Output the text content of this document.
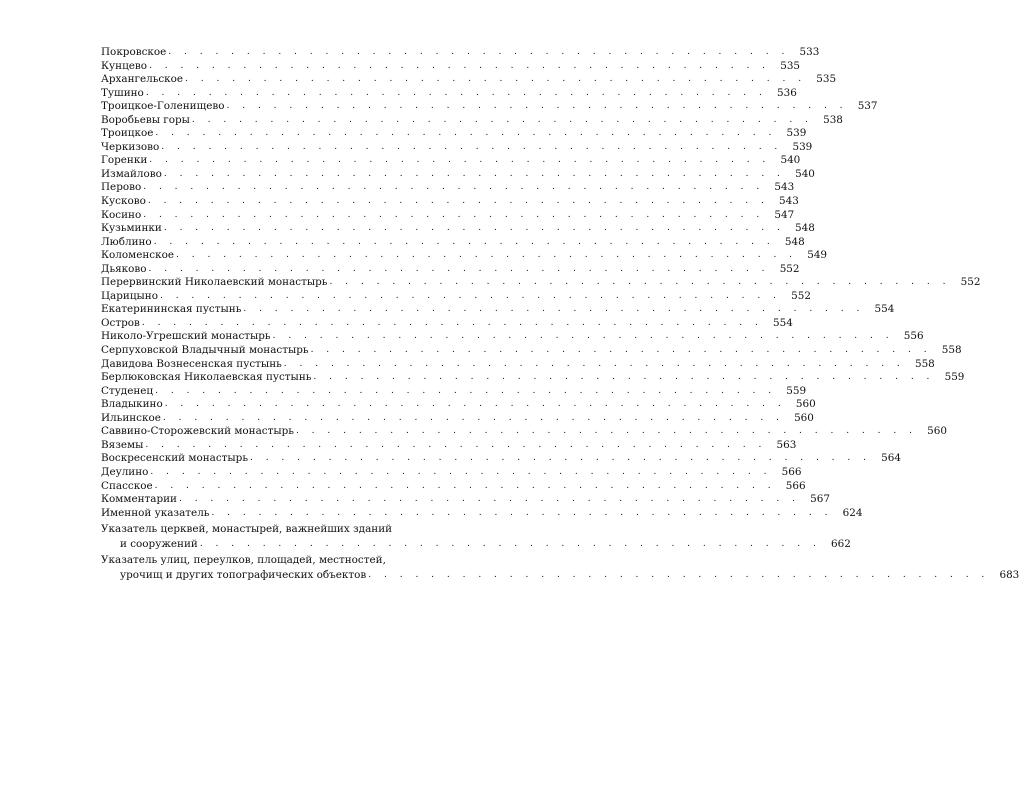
Покровское . . . . . . . . . . . . . . . . . . . . . . . . . . . . . . . . . . . . . . . . 533
Кунцево . . . . . . . . . . . . . . . . . . . . . . . . . . . . . . . . . . . . . . . . 535
Архангельское . . . . . . . . . . . . . . . . . . . . . . . . . . . . . . . . . . . . . . . . 535
Тушино . . . . . . . . . . . . . . . . . . . . . . . . . . . . . . . . . . . . . . . . 536
Троицкое-Голенищево . . . . . . . . . . . . . . . . . . . . . . . . . . . . . . . . . . . . . . . . 537
Воробьевы горы . . . . . . . . . . . . . . . . . . . . . . . . . . . . . . . . . . . . . . . . 538
Троицкое . . . . . . . . . . . . . . . . . . . . . . . . . . . . . . . . . . . . . . . . 539
Черкизово . . . . . . . . . . . . . . . . . . . . . . . . . . . . . . . . . . . . . . . . 539
Горенки . . . . . . . . . . . . . . . . . . . . . . . . . . . . . . . . . . . . . . . . 540
Измайлово . . . . . . . . . . . . . . . . . . . . . . . . . . . . . . . . . . . . . . . . 540
Перово . . . . . . . . . . . . . . . . . . . . . . . . . . . . . . . . . . . . . . . . 543
Кусково . . . . . . . . . . . . . . . . . . . . . . . . . . . . . . . . . . . . . . . . 543
Косино . . . . . . . . . . . . . . . . . . . . . . . . . . . . . . . . . . . . . . . . 547
Кузьминки . . . . . . . . . . . . . . . . . . . . . . . . . . . . . . . . . . . . . . . . 548
Люблино . . . . . . . . . . . . . . . . . . . . . . . . . . . . . . . . . . . . . . . . 548
Коломенское . . . . . . . . . . . . . . . . . . . . . . . . . . . . . . . . . . . . . . . . 549
Дьяково . . . . . . . . . . . . . . . . . . . . . . . . . . . . . . . . . . . . . . . . 552
Перервинский Николаевский монастырь . . . . . . . . . . . . . . . . . . . . . . . . . . . . . . . . . . . . . . . . 552
Царицыно . . . . . . . . . . . . . . . . . . . . . . . . . . . . . . . . . . . . . . . . 552
Екатерининская пустынь . . . . . . . . . . . . . . . . . . . . . . . . . . . . . . . . . . . . . . . . 554
Остров . . . . . . . . . . . . . . . . . . . . . . . . . . . . . . . . . . . . . . . . 554
Николо-Угрешский монастырь . . . . . . . . . . . . . . . . . . . . . . . . . . . . . . . . . . . . . . . . 556
Серпуховской Владычный монастырь . . . . . . . . . . . . . . . . . . . . . . . . . . . . . . . . . . . . . . . . 558
Давидова Вознесенская пустынь . . . . . . . . . . . . . . . . . . . . . . . . . . . . . . . . . . . . . . . . 558
Берлюковская Николаевская пустынь . . . . . . . . . . . . . . . . . . . . . . . . . . . . . . . . . . . . . . . . 559
Студенец . . . . . . . . . . . . . . . . . . . . . . . . . . . . . . . . . . . . . . . . 559
Владыкино . . . . . . . . . . . . . . . . . . . . . . . . . . . . . . . . . . . . . . . . 560
Ильинское . . . . . . . . . . . . . . . . . . . . . . . . . . . . . . . . . . . . . . . . 560
Саввино-Сторожевский монастырь . . . . . . . . . . . . . . . . . . . . . . . . . . . . . . . . . . . . . . . . 560
Вяземы . . . . . . . . . . . . . . . . . . . . . . . . . . . . . . . . . . . . . . . . 563
Воскресенский монастырь . . . . . . . . . . . . . . . . . . . . . . . . . . . . . . . . . . . . . . . . 564
Деулино . . . . . . . . . . . . . . . . . . . . . . . . . . . . . . . . . . . . . . . . 566
Спасское . . . . . . . . . . . . . . . . . . . . . . . . . . . . . . . . . . . . . . . . 566
Комментарии . . . . . . . . . . . . . . . . . . . . . . . . . . . . . . . . . . . . . . . . 567
Именной указатель . . . . . . . . . . . . . . . . . . . . . . . . . . . . . . . . . . . . . . . . 624
Указатель церквей, монастырей, важнейших зданий
и сооружений . . . . . . . . . . . . . . . . . . . . . . . . . . . . . . . . . . . . . . . . 662
Указатель улиц, переулков, площадей, местностей,
урочищ и других топографических объектов . . . . . . . . . . . . . . . . . . . . . . . . . . . . . . . . . . . . . . . . 683
